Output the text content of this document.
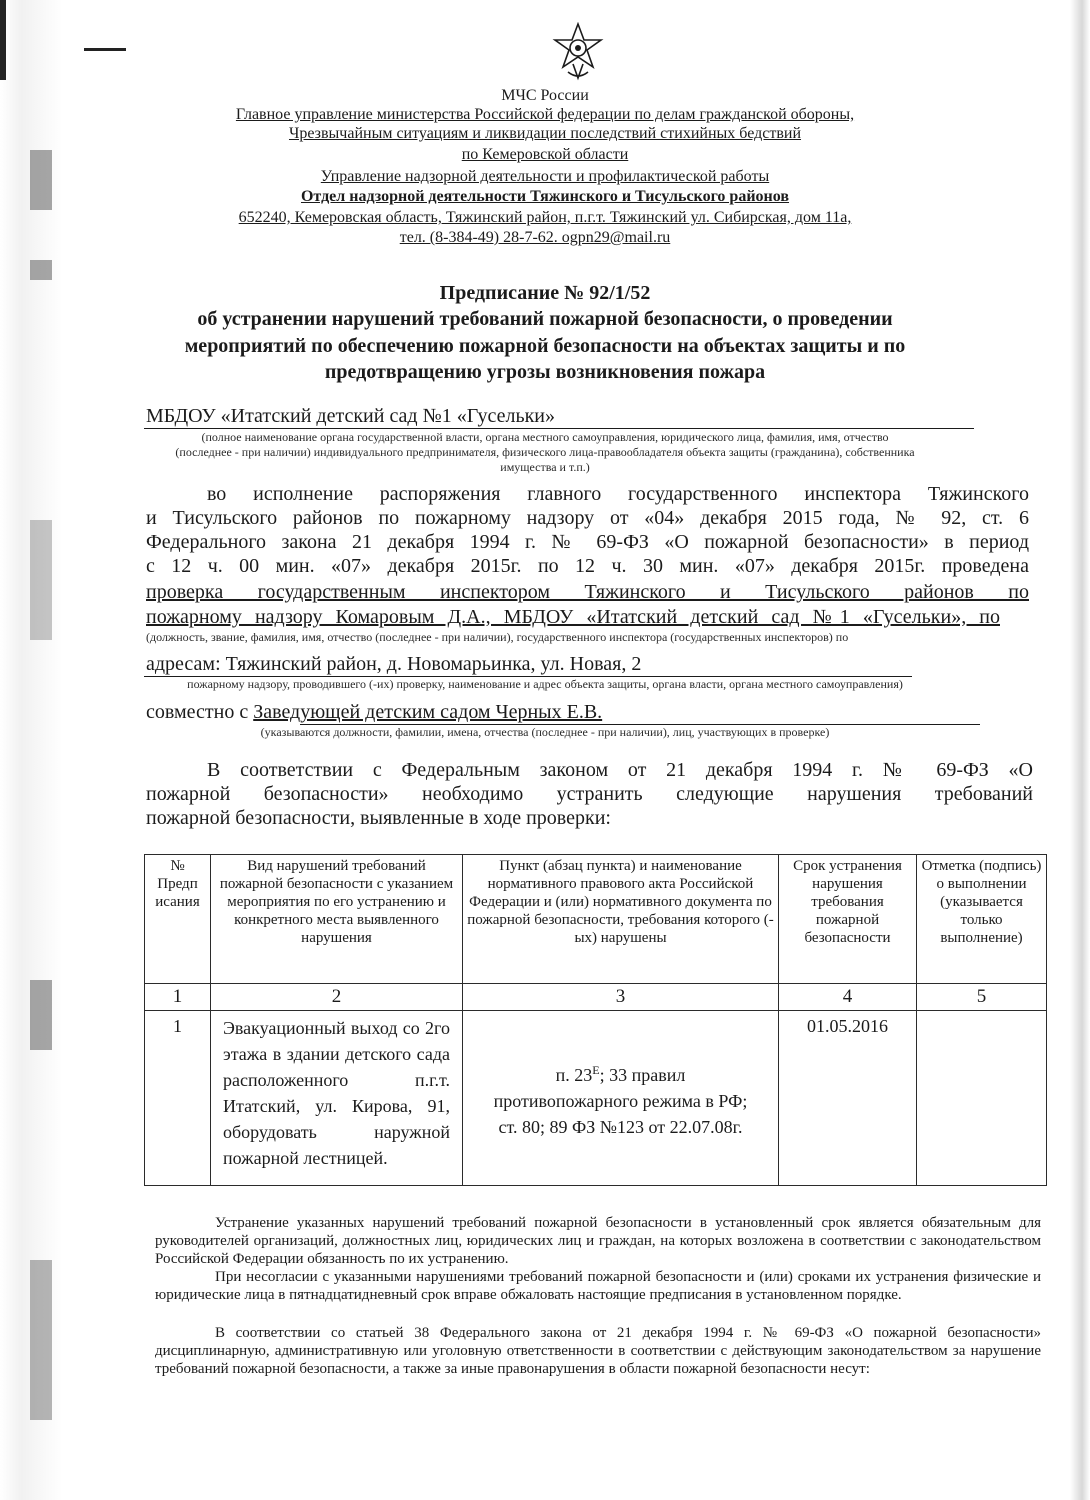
МЧС России
Главное управление министерства Российской федерации по делам гражданской обороны,
Чрезвычайным ситуациям и ликвидации последствий стихийных бедствий
по Кемеровской области
Управление надзорной деятельности и профилактической работы
Отдел надзорной деятельности Тяжинского и Тисульского районов
652240, Кемеровская область, Тяжинский район, п.г.т. Тяжинский ул. Сибирская, дом 11а,
тел. (8-384-49) 28-7-62. ogpn29@mail.ru
Предписание № 92/1/52
об устранении нарушений требований пожарной безопасности, о проведении
мероприятий по обеспечению пожарной безопасности на объектах защиты и по
предотвращению угрозы возникновения пожара
МБДОУ «Итатский детский сад №1 «Гусельки»
(полное наименование органа государственной власти, органа местного самоуправления, юридического лица, фамилия, имя, отчество
(последнее - при наличии) индивидуального предпринимателя, физического лица-правообладателя объекта защиты (гражданина), собственника
имущества и т.п.)
во исполнение распоряжения главного государственного инспектора Тяжинского
и Тисульского районов по пожарному надзору от «04» декабря 2015 года, № 92, ст. 6
Федерального закона 21 декабря 1994 г. № 69-ФЗ «О пожарной безопасности» в период
с 12 ч. 00 мин. «07» декабря 2015г. по 12 ч. 30 мин. «07» декабря 2015г. проведена
проверка государственным инспектором Тяжинского и Тисульского районов по
пожарному надзору Комаровым Д.А., МБДОУ «Итатский детский сад №1 «Гусельки», по
(должность, звание, фамилия, имя, отчество (последнее - при наличии), государственного инспектора (государственных инспекторов) по
адресам: Тяжинский район, д. Новомарьинка, ул. Новая, 2
пожарному надзору, проводившего (-их) проверку, наименование и адрес объекта защиты, органа власти, органа местного самоуправления)
совместно с Заведующей детским садом Черных Е.В.
(указываются должности, фамилии, имена, отчества (последнее - при наличии), лиц, участвующих в проверке)
В соответствии с Федеральным законом от 21 декабря 1994 г. № 69-ФЗ «О
пожарной безопасности» необходимо устранить следующие нарушения требований
пожарной безопасности, выявленные в ходе проверки:
№ Предп исания	Вид нарушений требований пожарной безопасности с указанием мероприятия по его устранению и конкретного места выявленного нарушения	Пункт (абзац пункта) и наименование нормативного правового акта Российской Федерации и (или) нормативного документа по пожарной безопасности, требования которого (-ых) нарушены	Срок устранения нарушения требования пожарной безопасности	Отметка (подпись) о выполнении (указывается только выполнение)
1	2	3	4	5
1	Эвакуационный выход со 2го этажа в здании детского сада расположенного п.г.т. Итатский, ул. Кирова, 91, оборудовать наружной пожарной лестницей.	п. $23^Е$; 33 правил противопожарного режима в РФ; ст. 80; 89 ФЗ №123 от 22.07.08г.	01.05.2016	

Устранение указанных нарушений требований пожарной безопасности в установленный срок является обязательным для руководителей организаций, должностных лиц, юридических лиц и граждан, на которых возложена в соответствии с законодательством Российской Федерации обязанность по их устранению.

При несогласии с указанными нарушениями требований пожарной безопасности и (или) сроками их устранения физические и юридические лица в пятнадцатидневный срок вправе обжаловать настоящие предписания в установленном порядке.

В соответствии со статьей 38 Федерального закона от 21 декабря 1994 г. № 69-ФЗ «О пожарной безопасности» дисциплинарную, административную или уголовную ответственности в соответствии с действующим законодательством за нарушение требований пожарной безопасности, а также за иные правонарушения в области пожарной безопасности несут:
